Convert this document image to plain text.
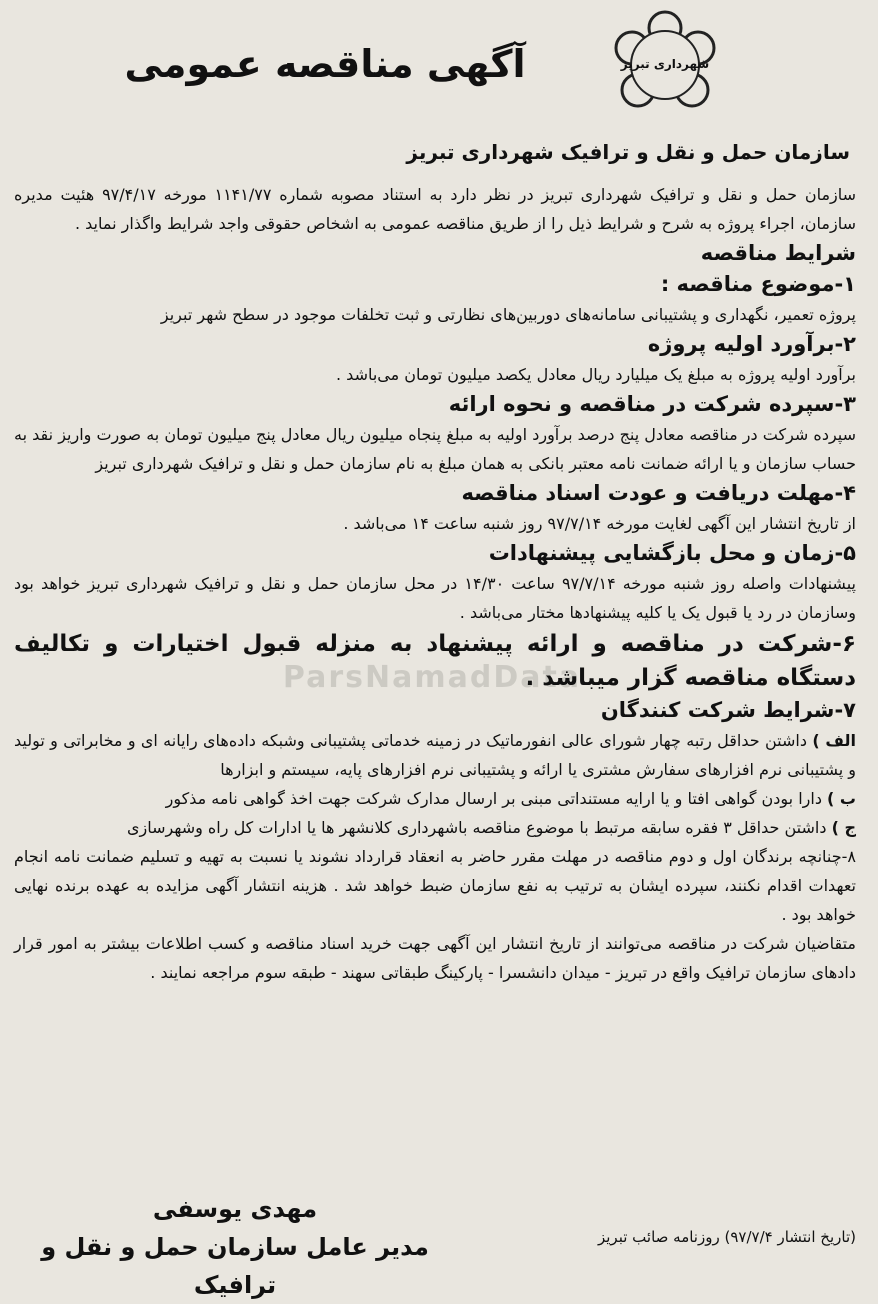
شهرداری تبریز
آگهی مناقصه عمومی
سازمان حمل و نقل و ترافیک شهرداری تبریز
ParsNamadData

سازمان حمل و نقل و ترافیک شهرداری تبریز در نظر دارد به استناد مصوبه شماره ۱۱۴۱/۷۷ مورخه ۹۷/۴/۱۷ هئیت مدیره سازمان، اجراء پروژه به شرح و شرایط ذیل را از طریق مناقصه عمومی به اشخاص حقوقی واجد شرایط واگذار نماید .

شرایط مناقصه

۱-موضوع مناقصه :

پروژه تعمیر، نگهداری و پشتیبانی سامانه‌های دوربین‌های نظارتی و ثبت تخلفات موجود در سطح شهر تبریز

۲-برآورد اولیه پروژه

برآورد اولیه پروژه به مبلغ یک میلیارد ریال معادل یکصد میلیون تومان می‌باشد .

۳-سپرده شرکت در مناقصه و نحوه ارائه

سپرده شرکت در مناقصه معادل پنج درصد برآورد اولیه به مبلغ پنجاه میلیون ریال معادل پنج میلیون تومان به صورت واریز نقد به حساب سازمان و یا ارائه ضمانت نامه معتبر بانکی به همان مبلغ به نام سازمان حمل و نقل و ترافیک شهرداری تبریز

۴-مهلت دریافت و عودت اسناد مناقصه

از تاریخ انتشار این آگهی لغایت مورخه ۹۷/۷/۱۴ روز شنبه ساعت ۱۴ می‌باشد .

۵-زمان و محل بازگشایی پیشنهادات

پیشنهادات واصله روز شنبه مورخه ۹۷/۷/۱۴ ساعت ۱۴/۳۰ در محل سازمان حمل و نقل و ترافیک شهرداری تبریز خواهد بود وسازمان در رد یا قبول یک یا کلیه پیشنهادها مختار می‌باشد .

۶-شرکت در مناقصه و ارائه پیشنهاد به منزله قبول اختیارات و تکالیف دستگاه مناقصه گزار میباشد .

۷-شرایط شرکت کنندگان

الف ) داشتن حداقل رتبه چهار شورای عالی انفورماتیک در زمینه خدماتی پشتیبانی وشبکه داده‌های رایانه ای و مخابراتی و تولید و پشتیبانی نرم افزارهای سفارش مشتری یا ارائه و پشتیبانی نرم افزارهای پایه، سیستم و ابزارها

ب ) دارا بودن گواهی افتا و یا ارایه مستنداتی مبنی بر ارسال مدارک شرکت جهت اخذ گواهی نامه مذکور

ج ) داشتن حداقل ۳ فقره سابقه مرتبط با موضوع مناقصه باشهرداری کلانشهر ها یا ادارات کل راه وشهرسازی

۸-چنانچه برندگان اول و دوم مناقصه در مهلت مقرر حاضر به انعقاد قرارداد نشوند یا نسبت به تهیه و تسلیم ضمانت نامه انجام تعهدات اقدام نکنند، سپرده ایشان به ترتیب به نفع سازمان ضبط خواهد شد . هزینه انتشار آگهی مزایده به عهده برنده نهایی خواهد بود .

متقاضیان شرکت در مناقصه می‌توانند از تاریخ انتشار این آگهی جهت خرید اسناد مناقصه و کسب اطلاعات بیشتر به امور قرار دادهای سازمان ترافیک واقع در تبریز - میدان دانشسرا - پارکینگ طبقاتی سهند - طبقه سوم مراجعه نمایند .

مهدی یوسفی
مدیر عامل سازمان حمل و نقل و ترافیک
(تاریخ انتشار ۹۷/۷/۴) روزنامه صائب تبریز
